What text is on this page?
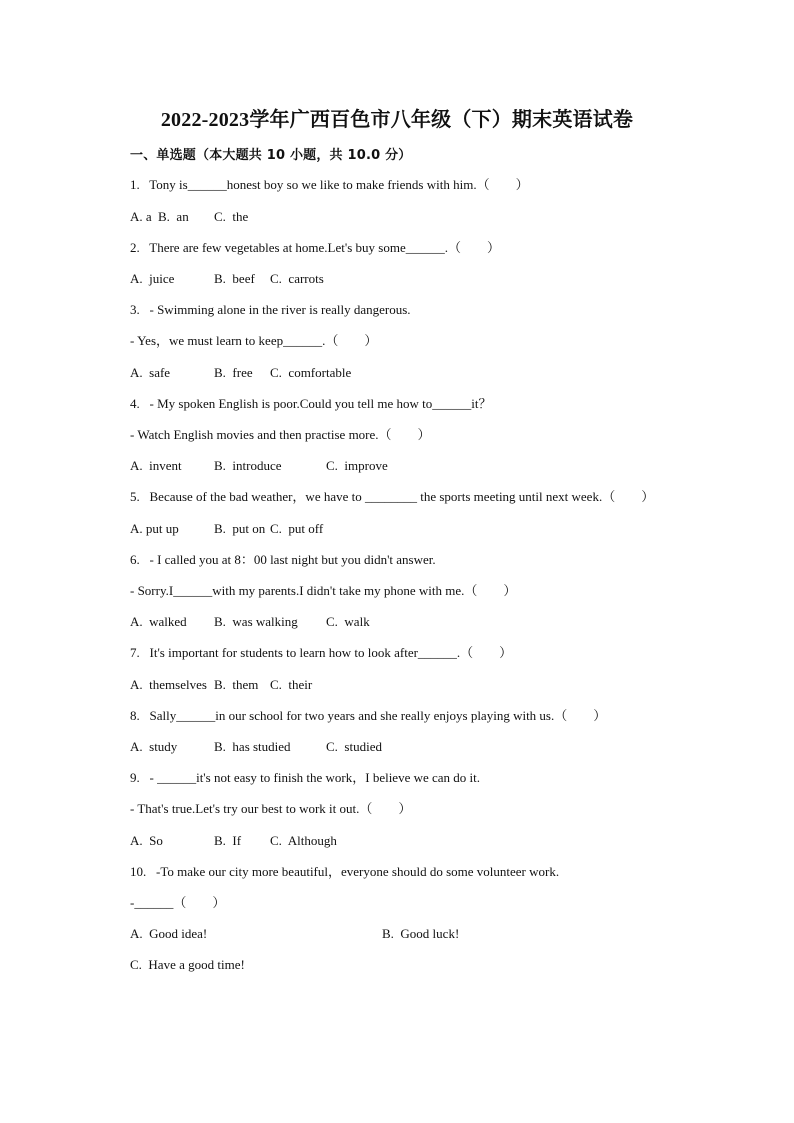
2022-2023学年广西百色市八年级（下）期末英语试卷
一、单选题（本大题共 10 小题，共 10.0 分）
1.   Tony is______honest boy so we like to make friends with him.（        ）
A. a B.  an C.  the
2.   There are few vegetables at home.Let's buy some______.（        ）
A.  juice	B.  beef C.  carrots
3.   - Swimming alone in the river is really dangerous.
- Yes，we must learn to keep______.（        ）
A.  safe	B.  free C.  comfortable
4.   - My spoken English is poor.Could you tell me how to______it？
- Watch English movies and then practise more.（        ）
A.  invent B.  introduce	C.  improve
5.   Because of the bad weather，we have to ________ the sports meeting until next week.（        ）
A. put up	B.  put on C.  put off
6.   - I called you at 8：00 last night but you didn't answer.
- Sorry.I______with my parents.I didn't take my phone with me.（        ）
A.  walked B.  was walking C.  walk
7.   It's important for students to learn how to look after______.（        ）
A.  themselves B.  them C.  their
8.   Sally______in our school for two years and she really enjoys playing with us.（        ）
A.  study	B.  has studied	C.  studied
9.   - ______it's not easy to finish the work，I believe we can do it.
- That's true.Let's try our best to work it out.（        ）
A.  So	B.  If C.  Although
10.   -To make our city more beautiful，everyone should do some volunteer work.
-______（        ）
A.  Good idea!	B.  Good luck!
C.  Have a good time!
